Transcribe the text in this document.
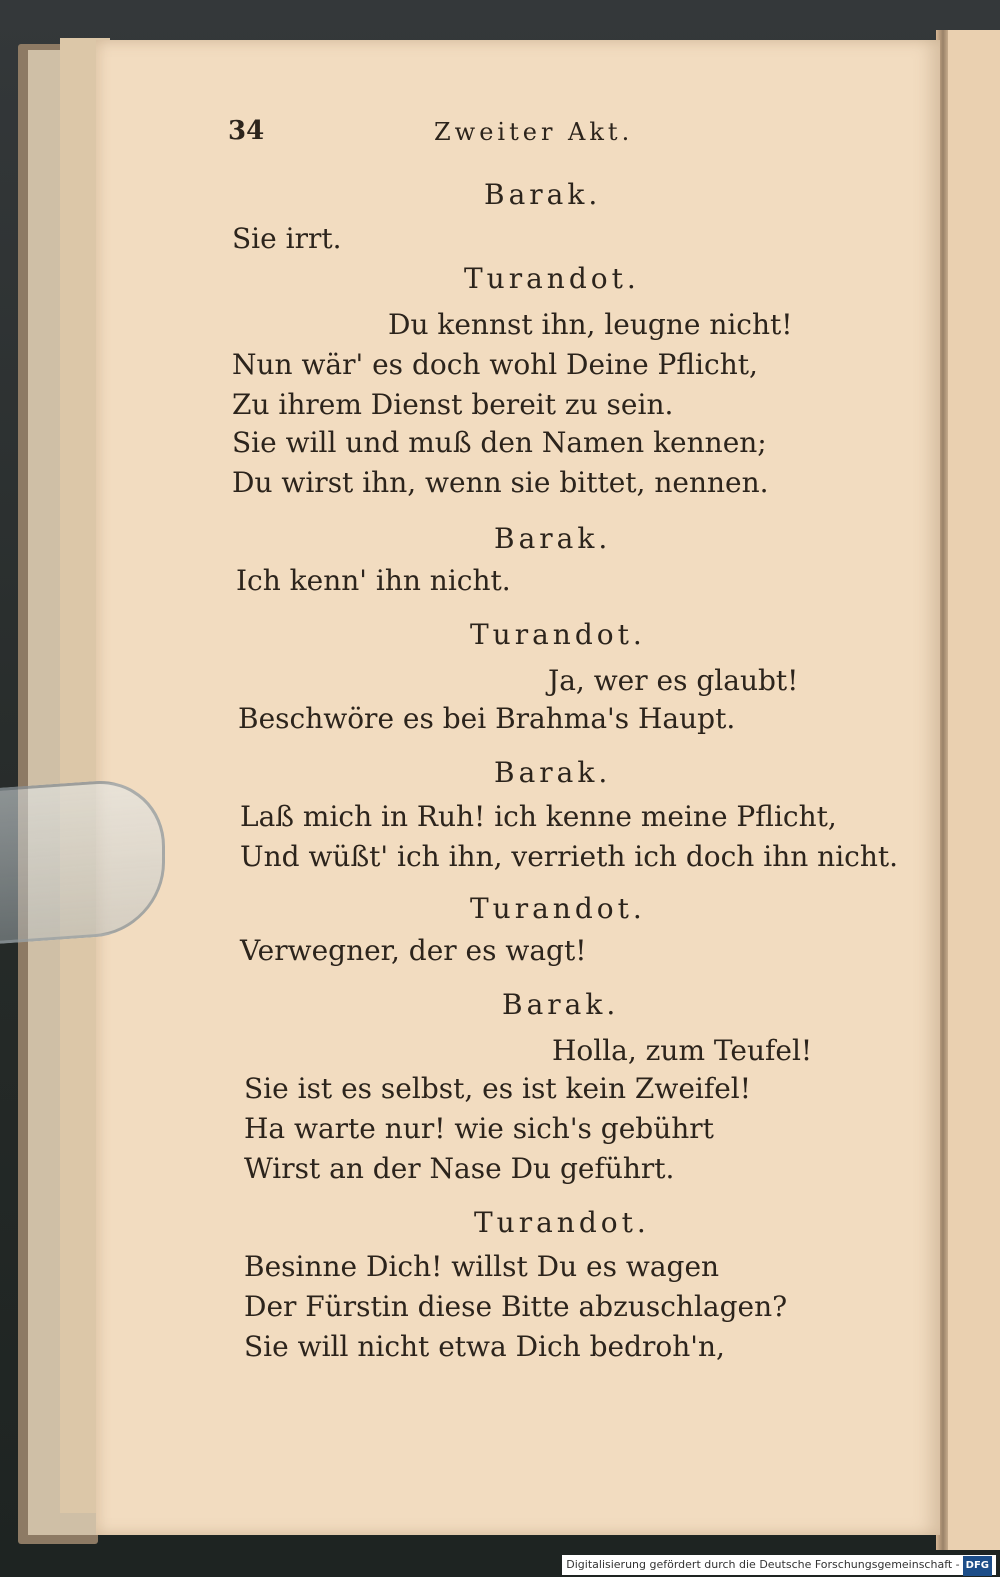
34	Zweiter Akt.
Barak.
Sie irrt.
Turandot.
Du kennst ihn, leugne nicht!
Nun wär' es doch wohl Deine Pflicht,
Zu ihrem Dienst bereit zu sein.
Sie will und muß den Namen kennen;
Du wirst ihn, wenn sie bittet, nennen.
Barak.
Ich kenn' ihn nicht.
Turandot.
Ja, wer es glaubt!
Beschwöre es bei Brahma's Haupt.
Barak.
Laß mich in Ruh! ich kenne meine Pflicht,
Und wüßt' ich ihn, verrieth ich doch ihn nicht.
Turandot.
Verwegner, der es wagt!
Barak.
Holla, zum Teufel!
Sie ist es selbst, es ist kein Zweifel!
Ha warte nur! wie sich's gebührt
Wirst an der Nase Du geführt.
Turandot.
Besinne Dich! willst Du es wagen
Der Fürstin diese Bitte abzuschlagen?
Sie will nicht etwa Dich bedroh'n,
Digitalisierung gefördert durch die Deutsche Forschungsgemeinschaft - DFG
